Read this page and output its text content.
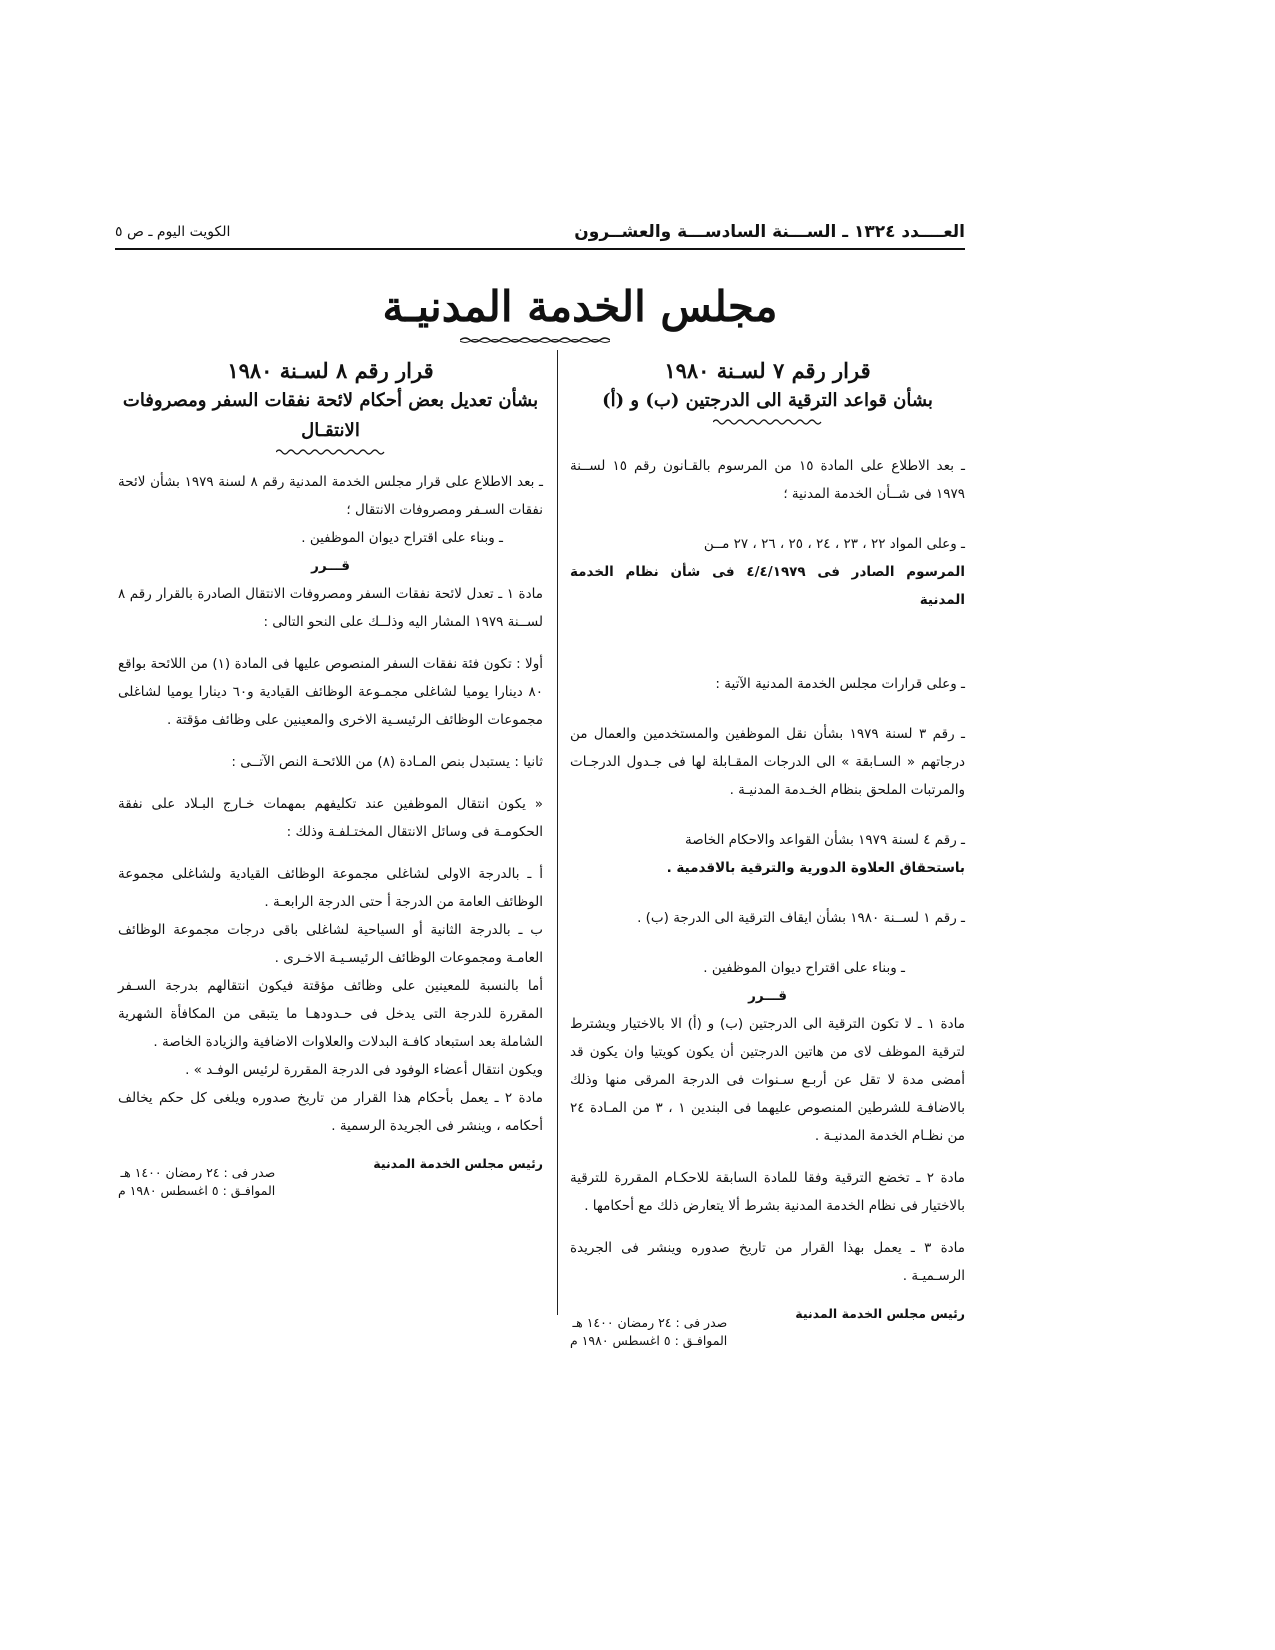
العــــدد ١٣٢٤ ـ الســـنة السادســـة والعشــرون
الكويت اليوم ـ ص ٥
مجلس الخدمة المدنيـة

قرار رقم ٧ لسـنة ١٩٨٠

بشأن قواعد الترقية الى الدرجتين (ب) و (أ)

ـ بعد الاطلاع على المادة ١٥ من المرسوم بالقـانون رقم ١٥ لســنة ١٩٧٩ فى شــأن الخدمة المدنية ؛

ـ وعلى المواد ٢٢ ، ٢٣ ، ٢٤ ، ٢٥ ، ٢٦ ، ٢٧ مــن

المرسوم الصادر فى ٤/٤/١٩٧٩ فى شأن نظام الخدمة المدنية

ـ وعلى قرارات مجلس الخدمة المدنية الآتية :

ـ رقم ٣ لسنة ١٩٧٩ بشأن نقل الموظفين والمستخدمين والعمال من درجاتهم « السـابقة » الى الدرجات المقـابلة لها فى جـدول الدرجـات والمرتبات الملحق بنظام الخـدمة المدنيـة .

ـ رقم ٤ لسنة ١٩٧٩ بشأن القواعد والاحكام الخاصة

باستحقاق العلاوة الدورية والترقية بالاقدمية .

ـ رقم ١ لســنة ١٩٨٠ بشأن ايقاف الترقية الى الدرجة (ب) .

ـ وبناء على اقتراح ديوان الموظفين .

قـــرر

مادة ١ ـ لا تكون الترقية الى الدرجتين (ب) و (أ) الا بالاختيار ويشترط لترقية الموظف لاى من هاتين الدرجتين أن يكون كويتيا وان يكون قد أمضى مدة لا تقل عن أربـع سـنوات فى الدرجة المرقى منها وذلك بالاضافـة للشرطين المنصوص عليهما فى البندين ١ ، ٣ من المـادة ٢٤ من نظـام الخدمة المدنيـة .

مادة ٢ ـ تخضع الترقية وفقا للمادة السابقة للاحكـام المقررة للترقية بالاختيار فى نظام الخدمة المدنية بشرط ألا يتعارض ذلك مع أحكامها .

مادة ٣ ـ يعمل بهذا القرار من تاريخ صدوره وينشر فى الجريدة الرسـميـة .

رئيس مجلس الخدمة المدنية
صدر فى : ٢٤ رمضان ١٤٠٠ هـ
الموافـق : ٥ اغسطس ١٩٨٠ م

قرار رقم ٨ لسـنة ١٩٨٠

بشأن تعديل بعض أحكام لائحة نفقات السفر ومصروفات الانتقـال

ـ بعد الاطلاع على قرار مجلس الخدمة المدنية رقم ٨ لسنة ١٩٧٩ بشأن لائحة نفقات السـفر ومصروفات الانتقال ؛

ـ وبناء على اقتراح ديوان الموظفين .

قـــرر

مادة ١ ـ تعدل لائحة نفقات السفر ومصروفات الانتقال الصادرة بالقرار رقم ٨ لســنة ١٩٧٩ المشار اليه وذلــك على النحو التالى :

أولا : تكون فئة نفقات السفر المنصوص عليها فى المادة (١) من اللائحة بواقع ٨٠ دينارا يوميا لشاغلى مجمـوعة الوظائف القيادية و٦٠ دينارا يوميا لشاغلى مجموعات الوظائف الرئيسـية الاخرى والمعينين على وظائف مؤقتة .

ثانيا : يستبدل بنص المـادة (٨) من اللائحـة النص الآتــى :

« يكون انتقال الموظفين عند تكليفهم بمهمات خـارج البـلاد على نفقة الحكومـة فى وسائل الانتقال المختـلفـة وذلك :

أ ـ بالدرجة الاولى لشاغلى مجموعة الوظائف القيادية ولشاغلى مجموعة الوظائف العامة من الدرجة أ حتى الدرجة الرابعـة .

ب ـ بالدرجة الثانية أو السياحية لشاغلى باقى درجات مجموعة الوظائف العامـة ومجموعات الوظائف الرئيسـيـة الاخـرى .

أما بالنسبة للمعينين على وظائف مؤقتة فيكون انتقالهم بدرجة السـفر المقررة للدرجة التى يدخل فى حـدودهـا ما يتبقى من المكافأة الشهرية الشاملة بعد استبعاد كافـة البدلات والعلاوات الاضافية والزيادة الخاصة .

ويكون انتقال أعضاء الوفود فى الدرجة المقررة لرئيس الوفـد » .

مادة ٢ ـ يعمل بأحكام هذا القرار من تاريخ صدوره ويلغى كل حكم يخالف أحكامه ، وينشر فى الجريدة الرسمية .

رئيس مجلس الخدمة المدنية
صدر فى : ٢٤ رمضان ١٤٠٠ هـ
الموافـق : ٥ اغسطس ١٩٨٠ م
